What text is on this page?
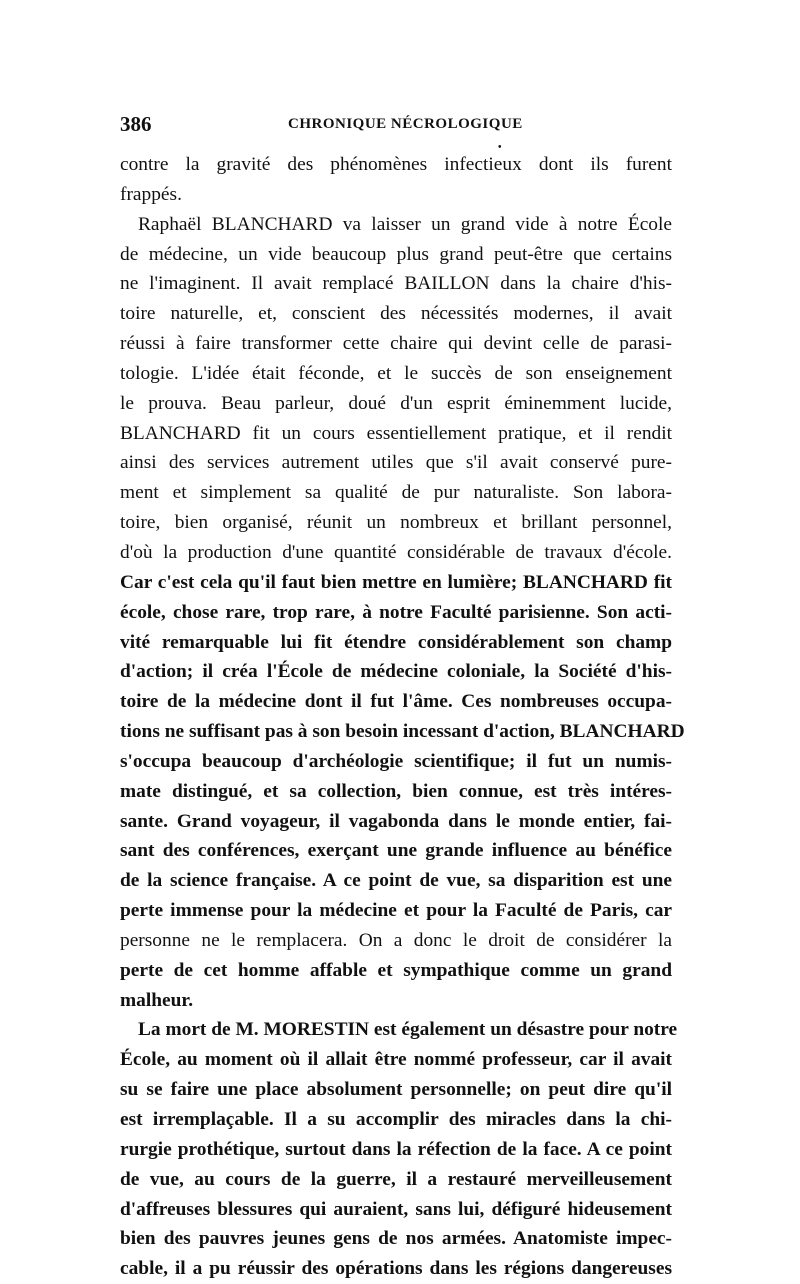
386	CHRONIQUE NÉCROLOGIQUE
•
contre la gravité des phénomènes infectieux dont ils furent
frappés.
Raphaël BLANCHARD va laisser un grand vide à notre École
de médecine, un vide beaucoup plus grand peut-être que certains
ne l'imaginent. Il avait remplacé BAILLON dans la chaire d'his-
toire naturelle, et, conscient des nécessités modernes, il avait
réussi à faire transformer cette chaire qui devint celle de parasi-
tologie. L'idée était féconde, et le succès de son enseignement
le prouva. Beau parleur, doué d'un esprit éminemment lucide,
BLANCHARD fit un cours essentiellement pratique, et il rendit
ainsi des services autrement utiles que s'il avait conservé pure-
ment et simplement sa qualité de pur naturaliste. Son labora-
toire, bien organisé, réunit un nombreux et brillant personnel,
d'où la production d'une quantité considérable de travaux d'école.
Car c'est cela qu'il faut bien mettre en lumière; BLANCHARD fit
école, chose rare, trop rare, à notre Faculté parisienne. Son acti-
vité remarquable lui fit étendre considérablement son champ
d'action; il créa l'École de médecine coloniale, la Société d'his-
toire de la médecine dont il fut l'âme. Ces nombreuses occupa-
tions ne suffisant pas à son besoin incessant d'action, BLANCHARD
s'occupa beaucoup d'archéologie scientifique; il fut un numis-
mate distingué, et sa collection, bien connue, est très intéres-
sante. Grand voyageur, il vagabonda dans le monde entier, fai-
sant des conférences, exerçant une grande influence au bénéfice
de la science française. A ce point de vue, sa disparition est une
perte immense pour la médecine et pour la Faculté de Paris, car
personne ne le remplacera. On a donc le droit de considérer la
perte de cet homme affable et sympathique comme un grand
malheur.
La mort de M. MORESTIN est également un désastre pour notre
École, au moment où il allait être nommé professeur, car il avait
su se faire une place absolument personnelle; on peut dire qu'il
est irremplaçable. Il a su accomplir des miracles dans la chi-
rurgie prothétique, surtout dans la réfection de la face. A ce point
de vue, au cours de la guerre, il a restauré merveilleusement
d'affreuses blessures qui auraient, sans lui, défiguré hideusement
bien des pauvres jeunes gens de nos armées. Anatomiste impec-
cable, il a pu réussir des opérations dans les régions dangereuses
